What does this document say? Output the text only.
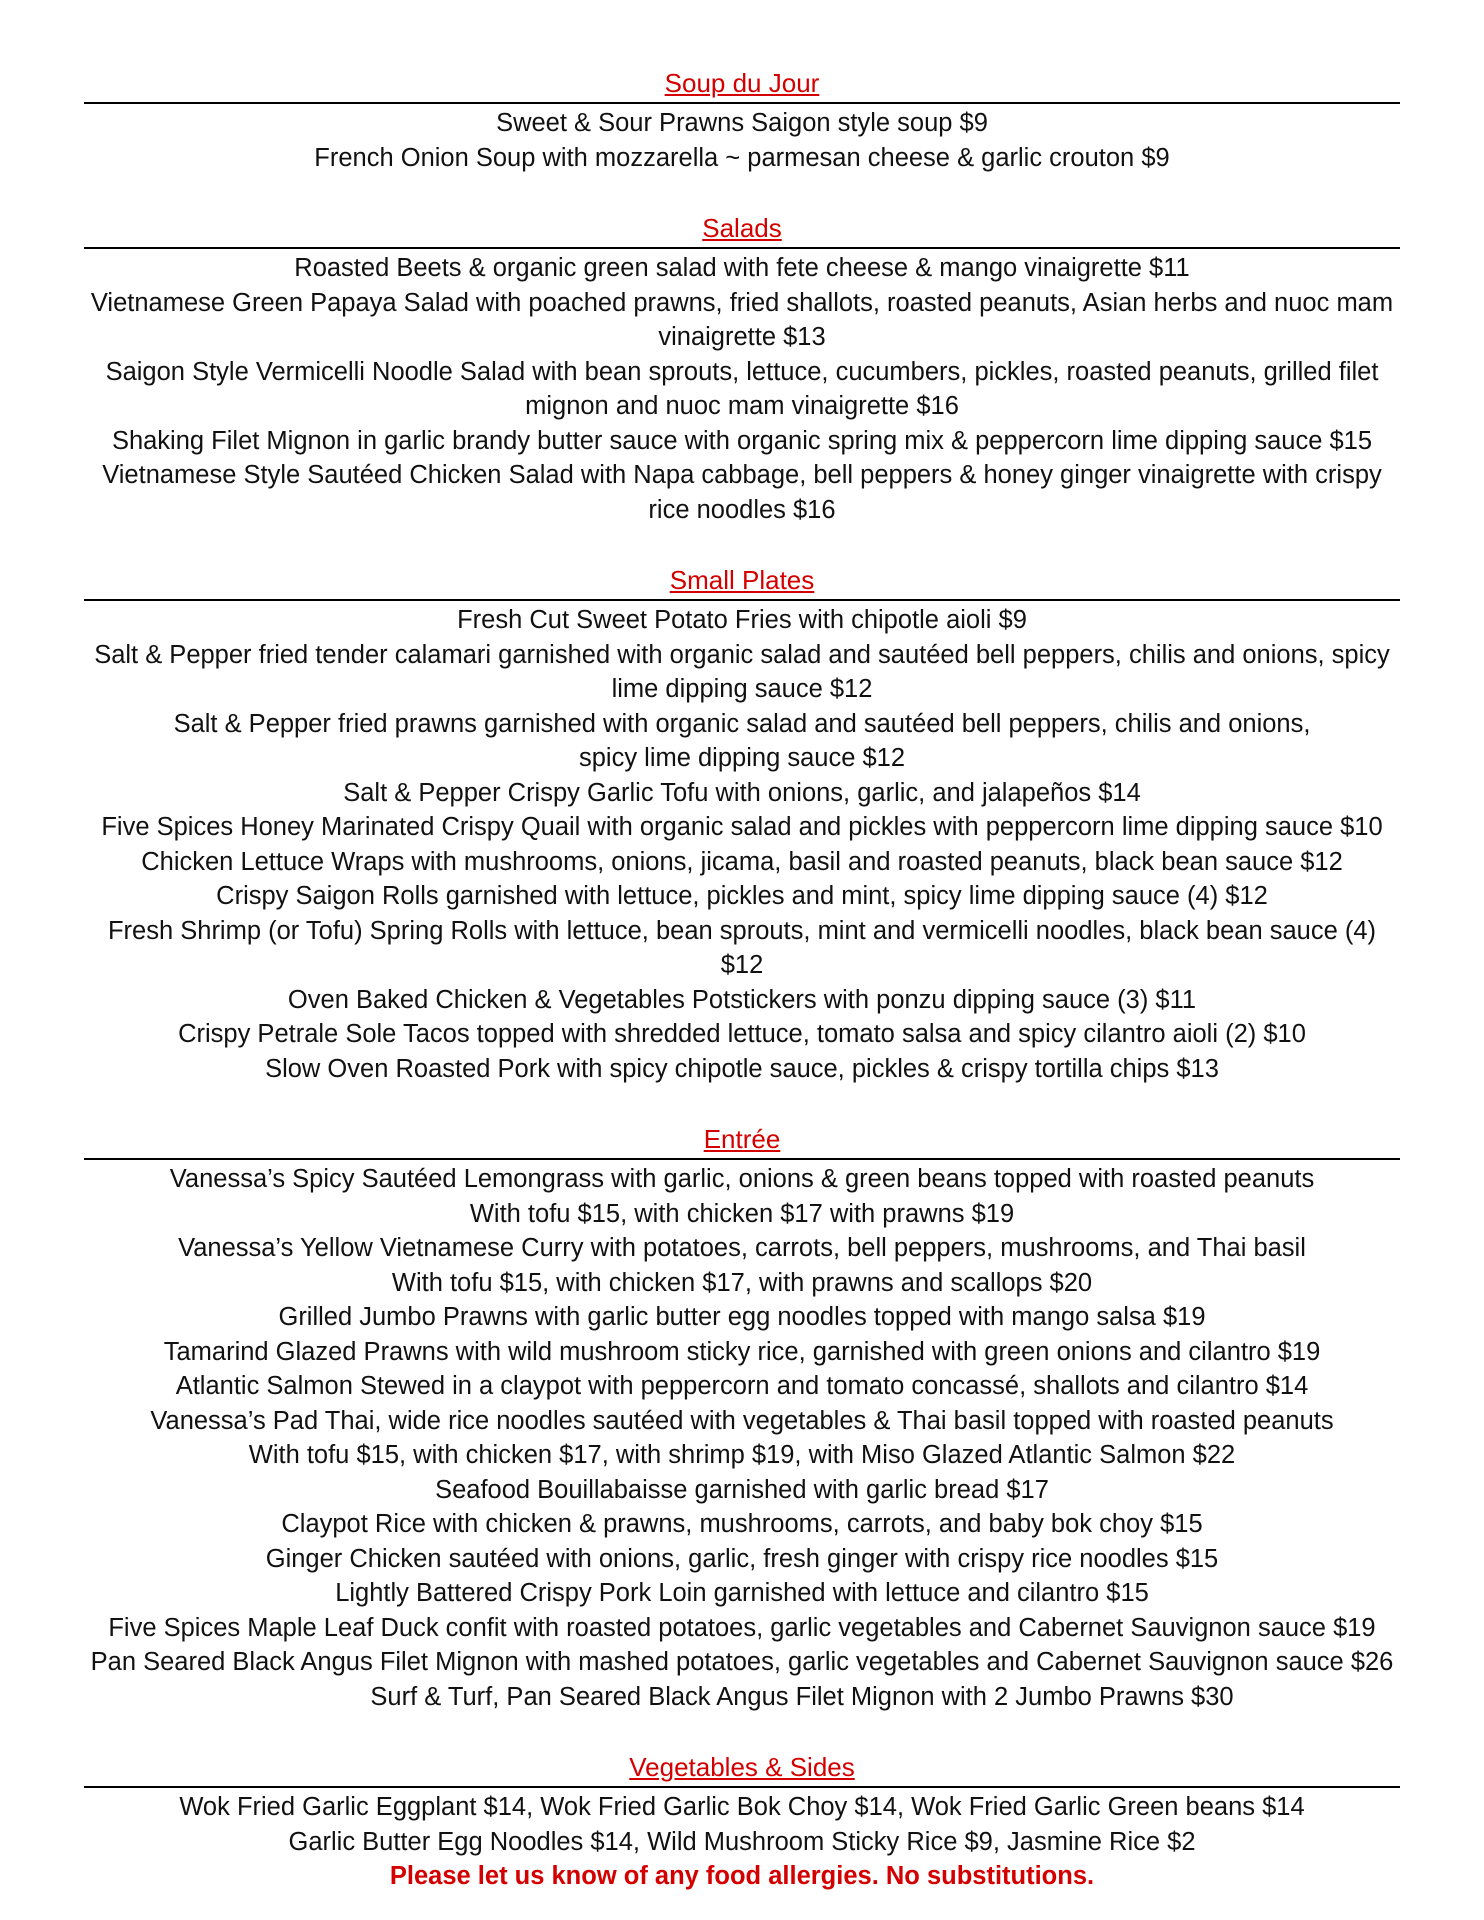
Soup du Jour

Sweet & Sour Prawns Saigon style soup $9

French Onion Soup with mozzarella ~ parmesan cheese & garlic crouton $9

Salads

Roasted Beets & organic green salad with fete cheese & mango vinaigrette $11

Vietnamese Green Papaya Salad with poached prawns, fried shallots, roasted peanuts, Asian herbs and nuoc mam vinaigrette $13

Saigon Style Vermicelli Noodle Salad with bean sprouts, lettuce, cucumbers, pickles, roasted peanuts, grilled filet mignon and nuoc mam vinaigrette $16

Shaking Filet Mignon in garlic brandy butter sauce with organic spring mix & peppercorn lime dipping sauce $15

Vietnamese Style Sautéed Chicken Salad with Napa cabbage, bell peppers & honey ginger vinaigrette with crispy rice noodles $16

Small Plates

Fresh Cut Sweet Potato Fries with chipotle aioli $9

Salt & Pepper fried tender calamari garnished with organic salad and sautéed bell peppers, chilis and onions, spicy lime dipping sauce $12

Salt & Pepper fried prawns garnished with organic salad and sautéed bell peppers, chilis and onions, spicy lime dipping sauce $12

Salt & Pepper Crispy Garlic Tofu with onions, garlic, and jalapeños $14

Five Spices Honey Marinated Crispy Quail with organic salad and pickles with peppercorn lime dipping sauce $10

Chicken Lettuce Wraps with mushrooms, onions, jicama, basil and roasted peanuts, black bean sauce $12

Crispy Saigon Rolls garnished with lettuce, pickles and mint, spicy lime dipping sauce (4) $12

Fresh Shrimp (or Tofu) Spring Rolls with lettuce, bean sprouts, mint and vermicelli noodles, black bean sauce (4) $12

Oven Baked Chicken & Vegetables Potstickers with ponzu dipping sauce (3) $11

Crispy Petrale Sole Tacos topped with shredded lettuce, tomato salsa and spicy cilantro aioli (2) $10

Slow Oven Roasted Pork with spicy chipotle sauce, pickles & crispy tortilla chips $13

Entrée

Vanessa’s Spicy Sautéed Lemongrass with garlic, onions & green beans topped with roasted peanuts

With tofu $15, with chicken $17 with prawns $19

Vanessa’s Yellow Vietnamese Curry with potatoes, carrots, bell peppers, mushrooms, and Thai basil

With tofu $15, with chicken $17, with prawns and scallops $20

Grilled Jumbo Prawns with garlic butter egg noodles topped with mango salsa $19

Tamarind Glazed Prawns with wild mushroom sticky rice, garnished with green onions and cilantro $19

Atlantic Salmon Stewed in a claypot with peppercorn and tomato concassé, shallots and cilantro $14

Vanessa’s Pad Thai, wide rice noodles sautéed with vegetables & Thai basil topped with roasted peanuts

With tofu $15, with chicken $17, with shrimp $19, with Miso Glazed Atlantic Salmon $22

Seafood Bouillabaisse garnished with garlic bread $17

Claypot Rice with chicken & prawns, mushrooms, carrots, and baby bok choy $15

Ginger Chicken sautéed with onions, garlic, fresh ginger with crispy rice noodles $15

Lightly Battered Crispy Pork Loin garnished with lettuce and cilantro $15

Five Spices Maple Leaf Duck confit with roasted potatoes, garlic vegetables and Cabernet Sauvignon sauce $19

Pan Seared Black Angus Filet Mignon with mashed potatoes, garlic vegetables and Cabernet Sauvignon sauce $26

Surf & Turf, Pan Seared Black Angus Filet Mignon with 2 Jumbo Prawns $30

Vegetables & Sides

Wok Fried Garlic Eggplant $14, Wok Fried Garlic Bok Choy $14, Wok Fried Garlic Green beans $14

Garlic Butter Egg Noodles $14, Wild Mushroom Sticky Rice $9, Jasmine Rice $2

Please let us know of any food allergies. No substitutions.
